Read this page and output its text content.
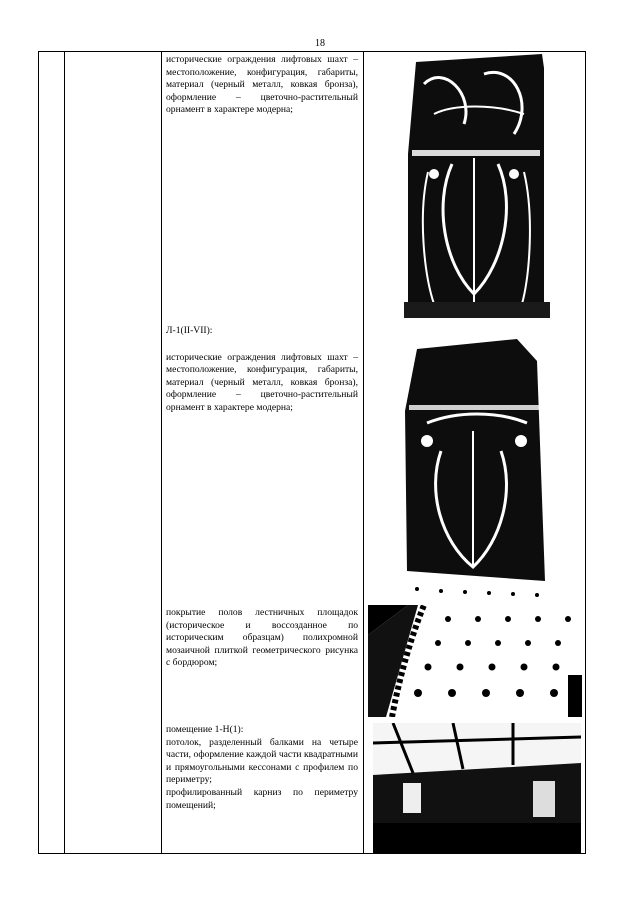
18

исторические ограждения лифтовых шахт – местоположение, конфигурация, габариты, материал (черный металл, ковкая бронза), оформление – цветочно-растительный орнамент в характере модерна;

Л-1(II-VII):

исторические ограждения лифтовых шахт – местоположение, конфигурация, габариты, материал (черный металл, ковкая бронза), оформление – цветочно-растительный орнамент в характере модерна;

покрытие полов лестничных площадок (историческое и воссозданное по историческим образцам) полихромной мозаичной плиткой геометрического рисунка с бордюром;

помещение 1-Н(1):

потолок, разделенный балками на четыре части, оформление каждой части квадратными и прямоугольными кессонами с профилем по периметру;

профилированный карниз по периметру помещений;
